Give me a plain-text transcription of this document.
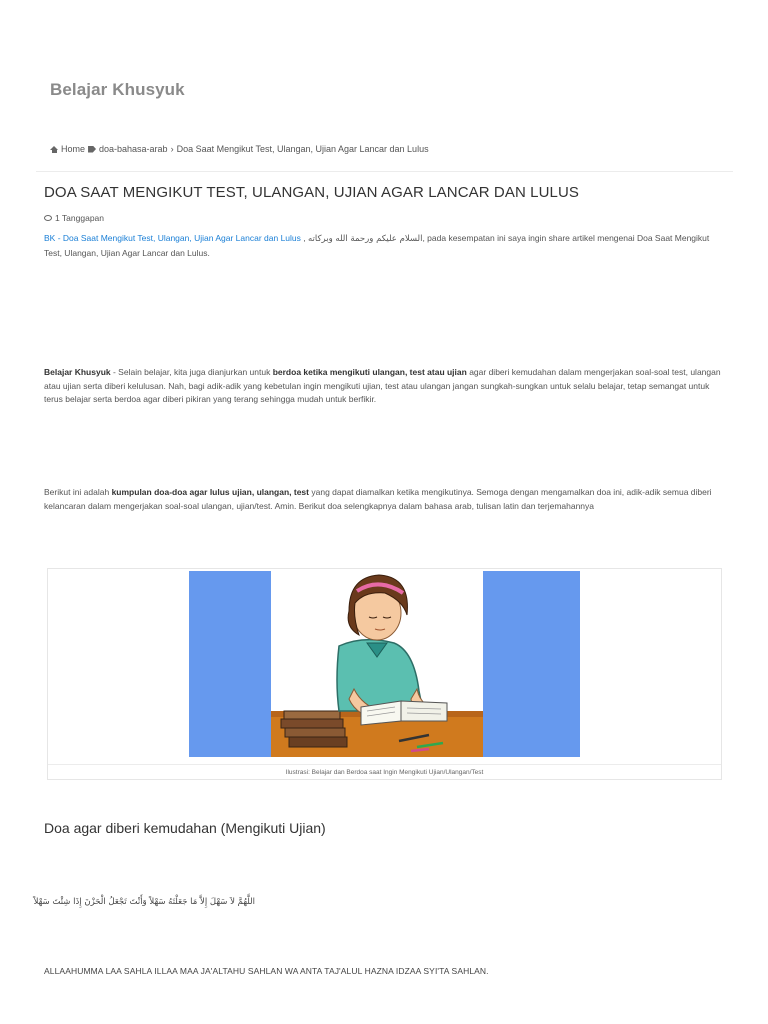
Belajar Khusyuk
Home doa-bahasa-arab › Doa Saat Mengikut Test, Ulangan, Ujian Agar Lancar dan Lulus
DOA SAAT MENGIKUT TEST, ULANGAN, UJIAN AGAR LANCAR DAN LULUS
1 Tanggapan

BK - Doa Saat Mengikut Test, Ulangan, Ujian Agar Lancar dan Lulus , السلام عليكم ورحمة الله وبركاته, pada kesempatan ini saya ingin share artikel mengenai Doa Saat Mengikut Test, Ulangan, Ujian Agar Lancar dan Lulus.

Belajar Khusyuk - Selain belajar, kita juga dianjurkan untuk berdoa ketika mengikuti ulangan, test atau ujian agar diberi kemudahan dalam mengerjakan soal-soal test, ulangan atau ujian serta diberi kelulusan. Nah, bagi adik-adik yang kebetulan ingin mengikuti ujian, test atau ulangan jangan sungkah-sungkan untuk selalu belajar, tetap semangat untuk terus belajar serta berdoa agar diberi pikiran yang terang sehingga mudah untuk berfikir.

Berikut ini adalah kumpulan doa-doa agar lulus ujian, ulangan, test yang dapat diamalkan ketika mengikutinya. Semoga dengan mengamalkan doa ini, adik-adik semua diberi kelancaran dalam mengerjakan soal-soal ulangan, ujian/test. Amin. Berikut doa selengkapnya dalam bahasa arab, tulisan latin dan terjemahannya

Ilustrasi: Belajar dan Berdoa saat Ingin Mengikuti Ujian/Ulangan/Test
Doa agar diberi kemudahan (Mengikuti Ujian)

اللَّهُمَّ لاَ سَهْلَ إِلاَّ مَا جَعَلْتَهُ سَهْلاً وَأَنْتَ تَجْعَلُ الْحَزْنَ إِذَا شِئْتَ سَهْلاً

ALLAAHUMMA LAA SAHLA ILLAA MAA JA'ALTAHU SAHLAN WA ANTA TAJ'ALUL HAZNA IDZAA SYI'TA SAHLAN.
